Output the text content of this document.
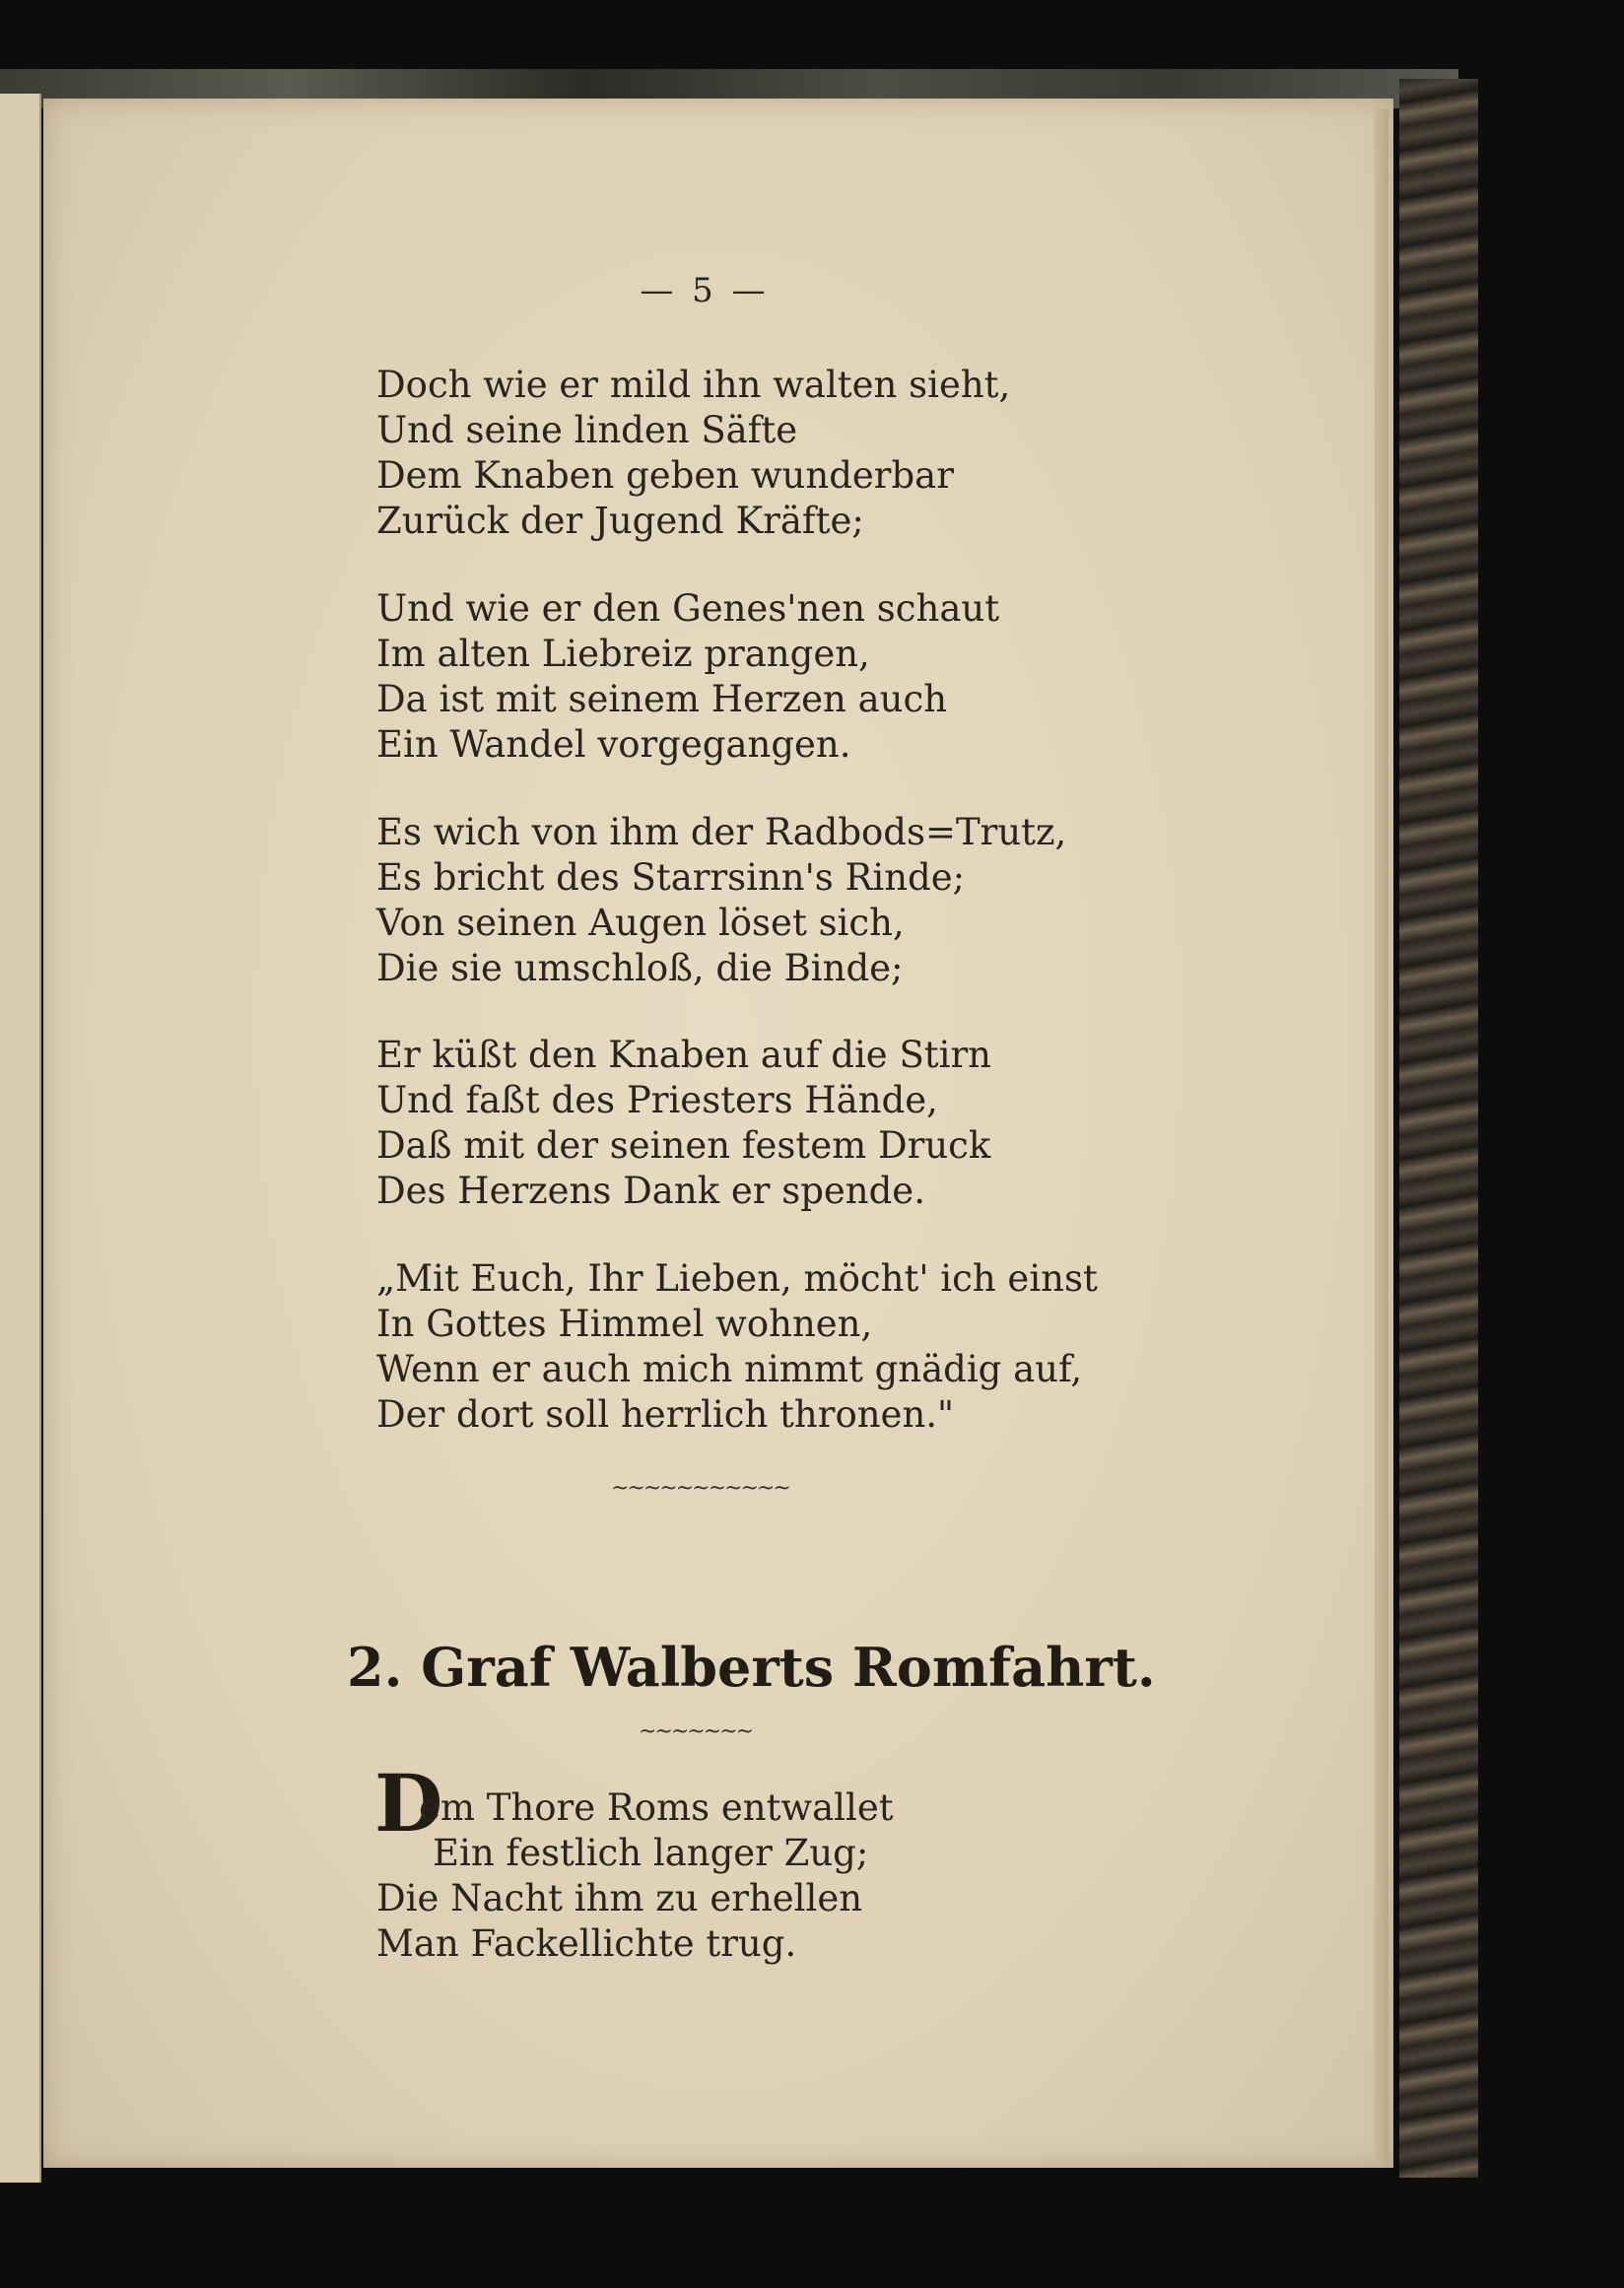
— 5 —
Doch wie er mild ihn walten sieht,
Und seine linden Säfte
Dem Knaben geben wunderbar
Zurück der Jugend Kräfte;
Und wie er den Genes'nen schaut
Im alten Liebreiz prangen,
Da ist mit seinem Herzen auch
Ein Wandel vorgegangen.
Es wich von ihm der Radbods=Trutz,
Es bricht des Starrsinn's Rinde;
Von seinen Augen löset sich,
Die sie umschloß, die Binde;
Er küßt den Knaben auf die Stirn
Und faßt des Priesters Hände,
Daß mit der seinen festem Druck
Des Herzens Dank er spende.
„Mit Euch, Ihr Lieben, möcht' ich einst
In Gottes Himmel wohnen,
Wenn er auch mich nimmt gnädig auf,
Der dort soll herrlich thronen."
~~~~~~~~~~~
2. Graf Walberts Romfahrt.
~~~~~~~
D
em Thore Roms entwallet
Ein festlich langer Zug;
Die Nacht ihm zu erhellen
Man Fackellichte trug.
